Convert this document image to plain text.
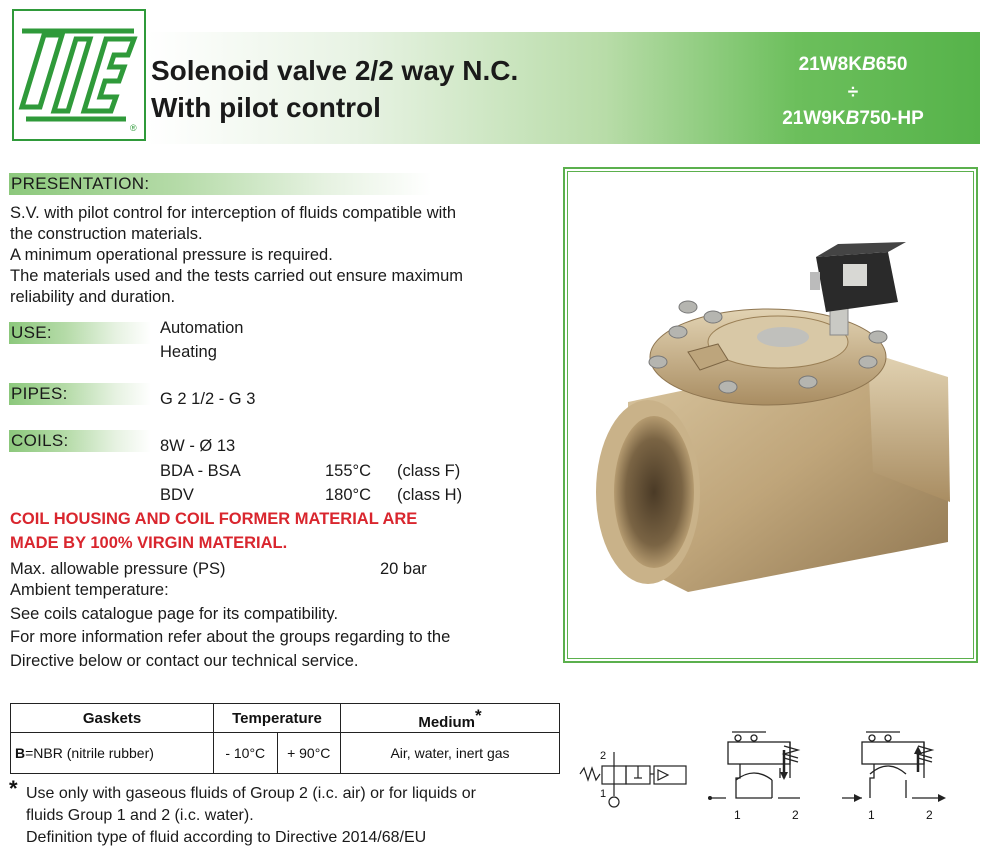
®
Solenoid valve 2/2 way N.C.
With pilot control
21W8KB650
÷
21W9KB750-HP
PRESENTATION:
S.V. with pilot control for interception of fluids compatible with
the construction materials.
A minimum operational pressure is required.
The materials used and the tests carried out ensure maximum
reliability and duration.
USE:	Automation
Heating
PIPES:	G 2 1/2 - G 3
COILS:	8W - Ø 13
BDA - BSA	155°C (class F)
BDV	180°C (class H)
COIL HOUSING AND COIL FORMER MATERIAL ARE
MADE BY 100% VIRGIN MATERIAL.
Max. allowable pressure (PS)	20 bar
Ambient temperature:
See coils catalogue page for its compatibility.
For more information refer about the groups regarding to the
Directive below or contact our technical service.
Gaskets	Temperature		Medium*
B=NBR (nitrile rubber)	- 10°C	+ 90°C	Air, water, inert gas
* Use only with gaseous fluids of Group 2 (i.c. air) or for liquids or
fluids Group 1 and 2 (i.c. water).
Definition type of fluid according to Directive 2014/68/EU
2
1
1	2	1	2
